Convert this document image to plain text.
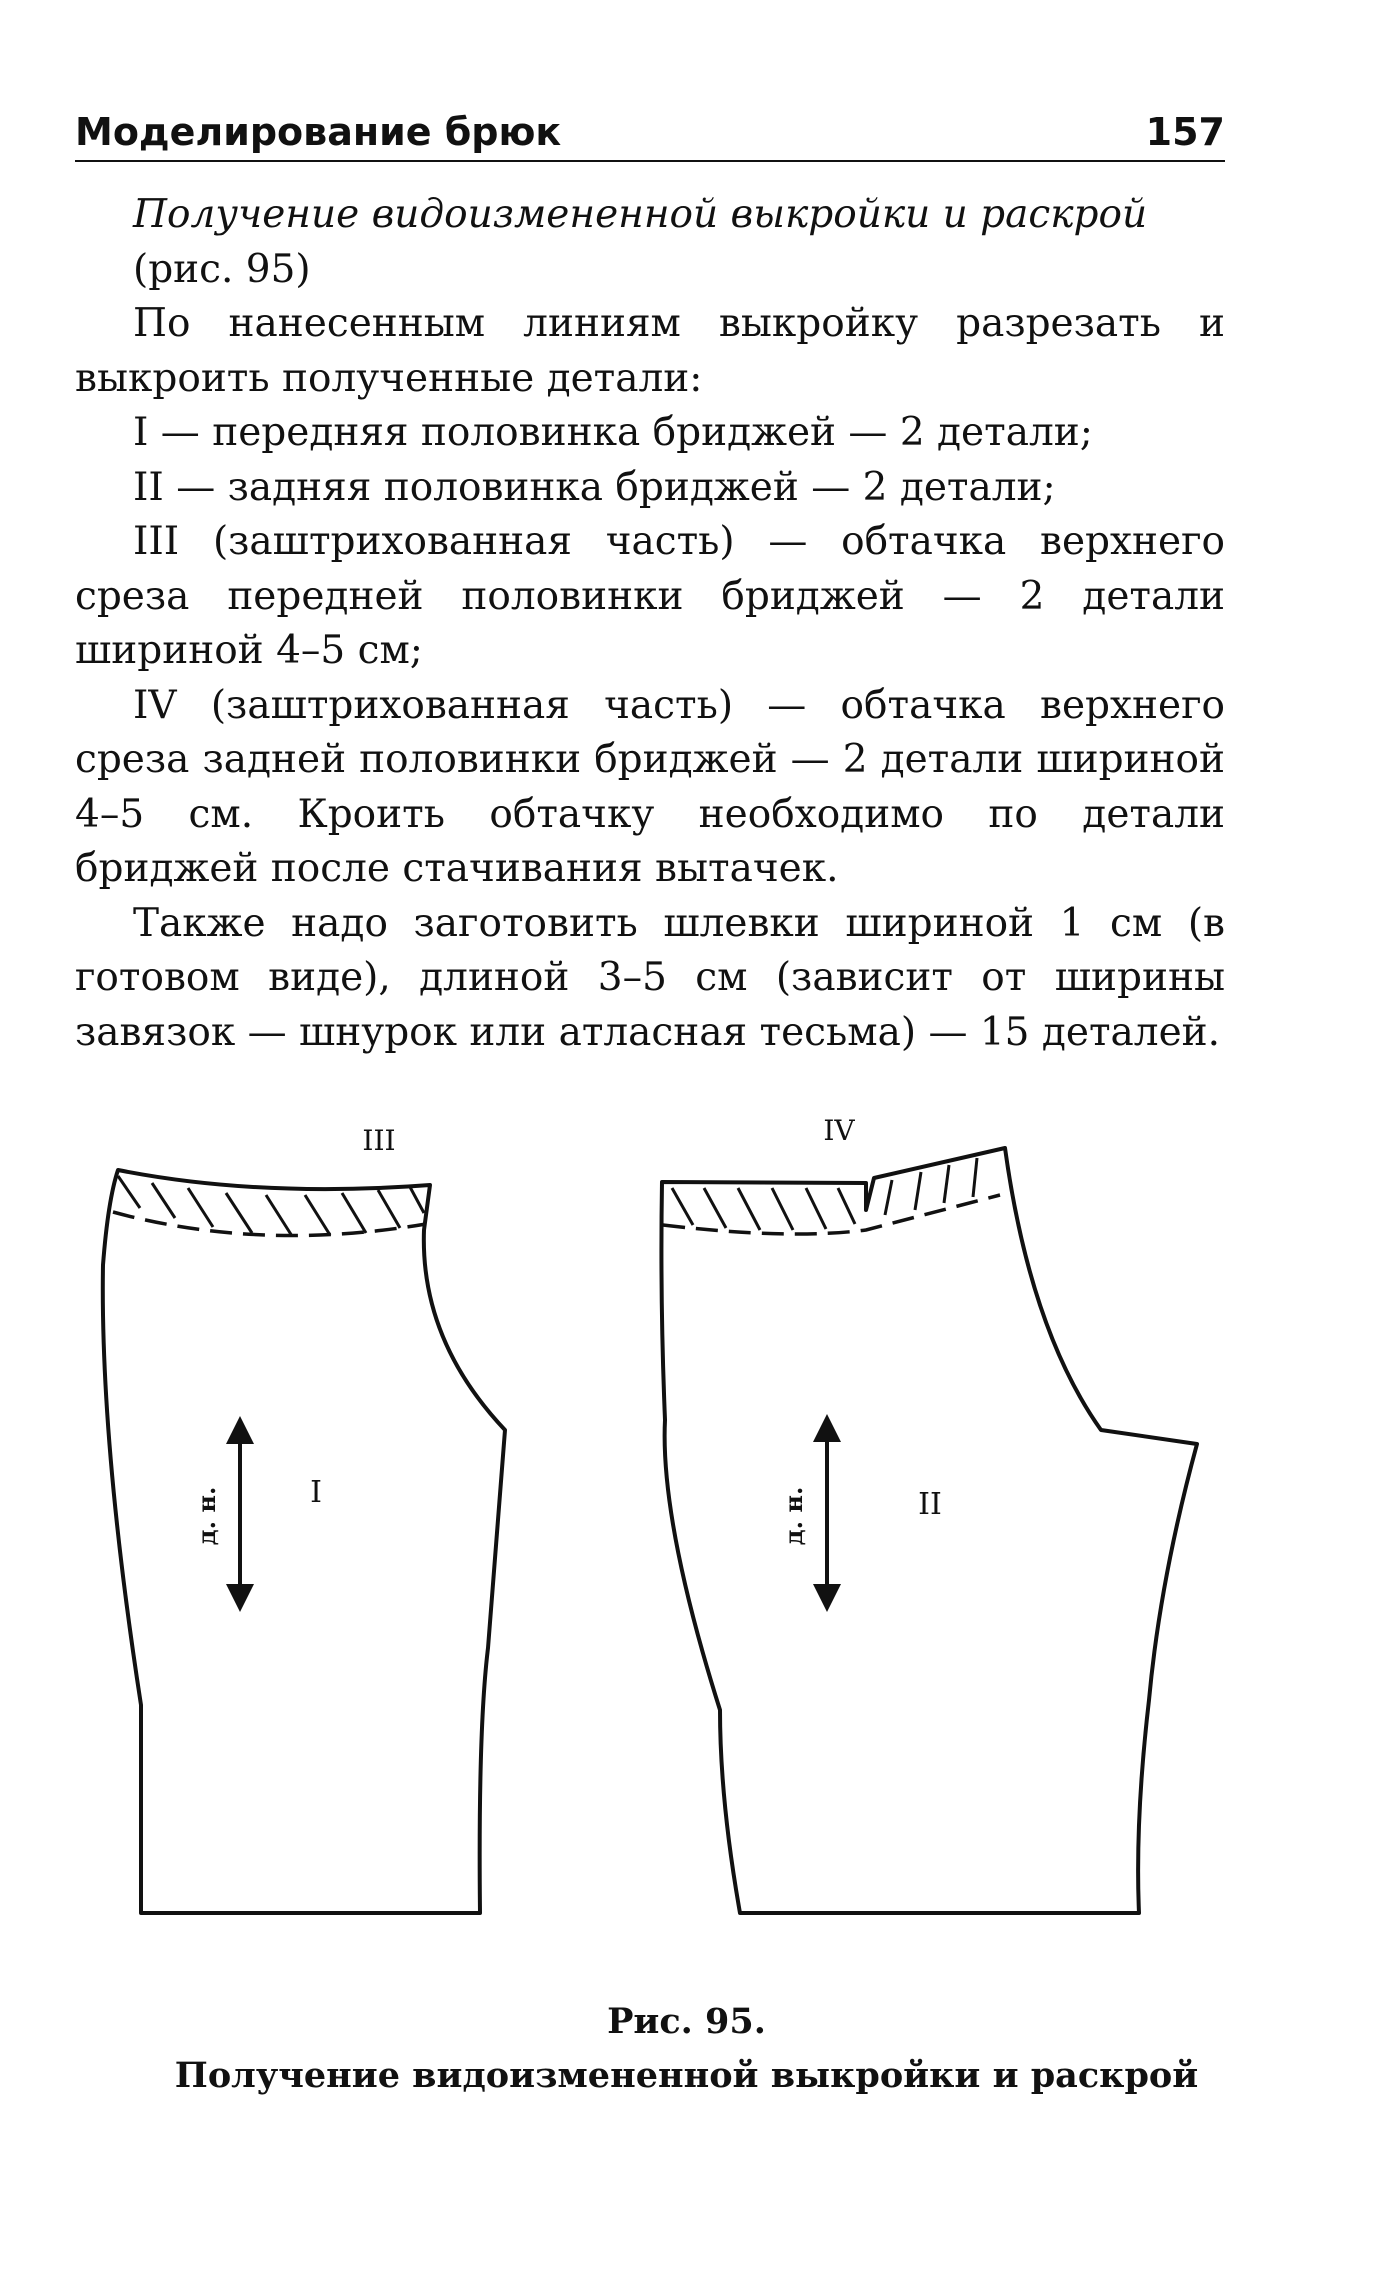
Моделирование брюк	157
Получение видоизмененной выкройки и раскрой (рис. 95)

По нанесенным линиям выкройку разрезать и выкроить полученные детали:

I — передняя половинка бриджей — 2 детали;

II — задняя половинка бриджей — 2 детали;

III (заштрихованная часть) — обтачка верхнего среза передней половинки бриджей — 2 детали шириной 4–5 см;

IV (заштрихованная часть) — обтачка верхнего среза задней половинки бриджей — 2 детали шириной 4–5 см. Кроить обтачку необходимо по детали бриджей после стачивания вытачек.

Также надо заготовить шлевки шириной 1 см (в готовом виде), длиной 3–5 см (зависит от ширины завязок — шнурок или атласная тесьма) — 15 деталей.

д. н.	I
III
д. н.	II
IV
Рис. 95.
Получение видоизмененной выкройки и раскрой
